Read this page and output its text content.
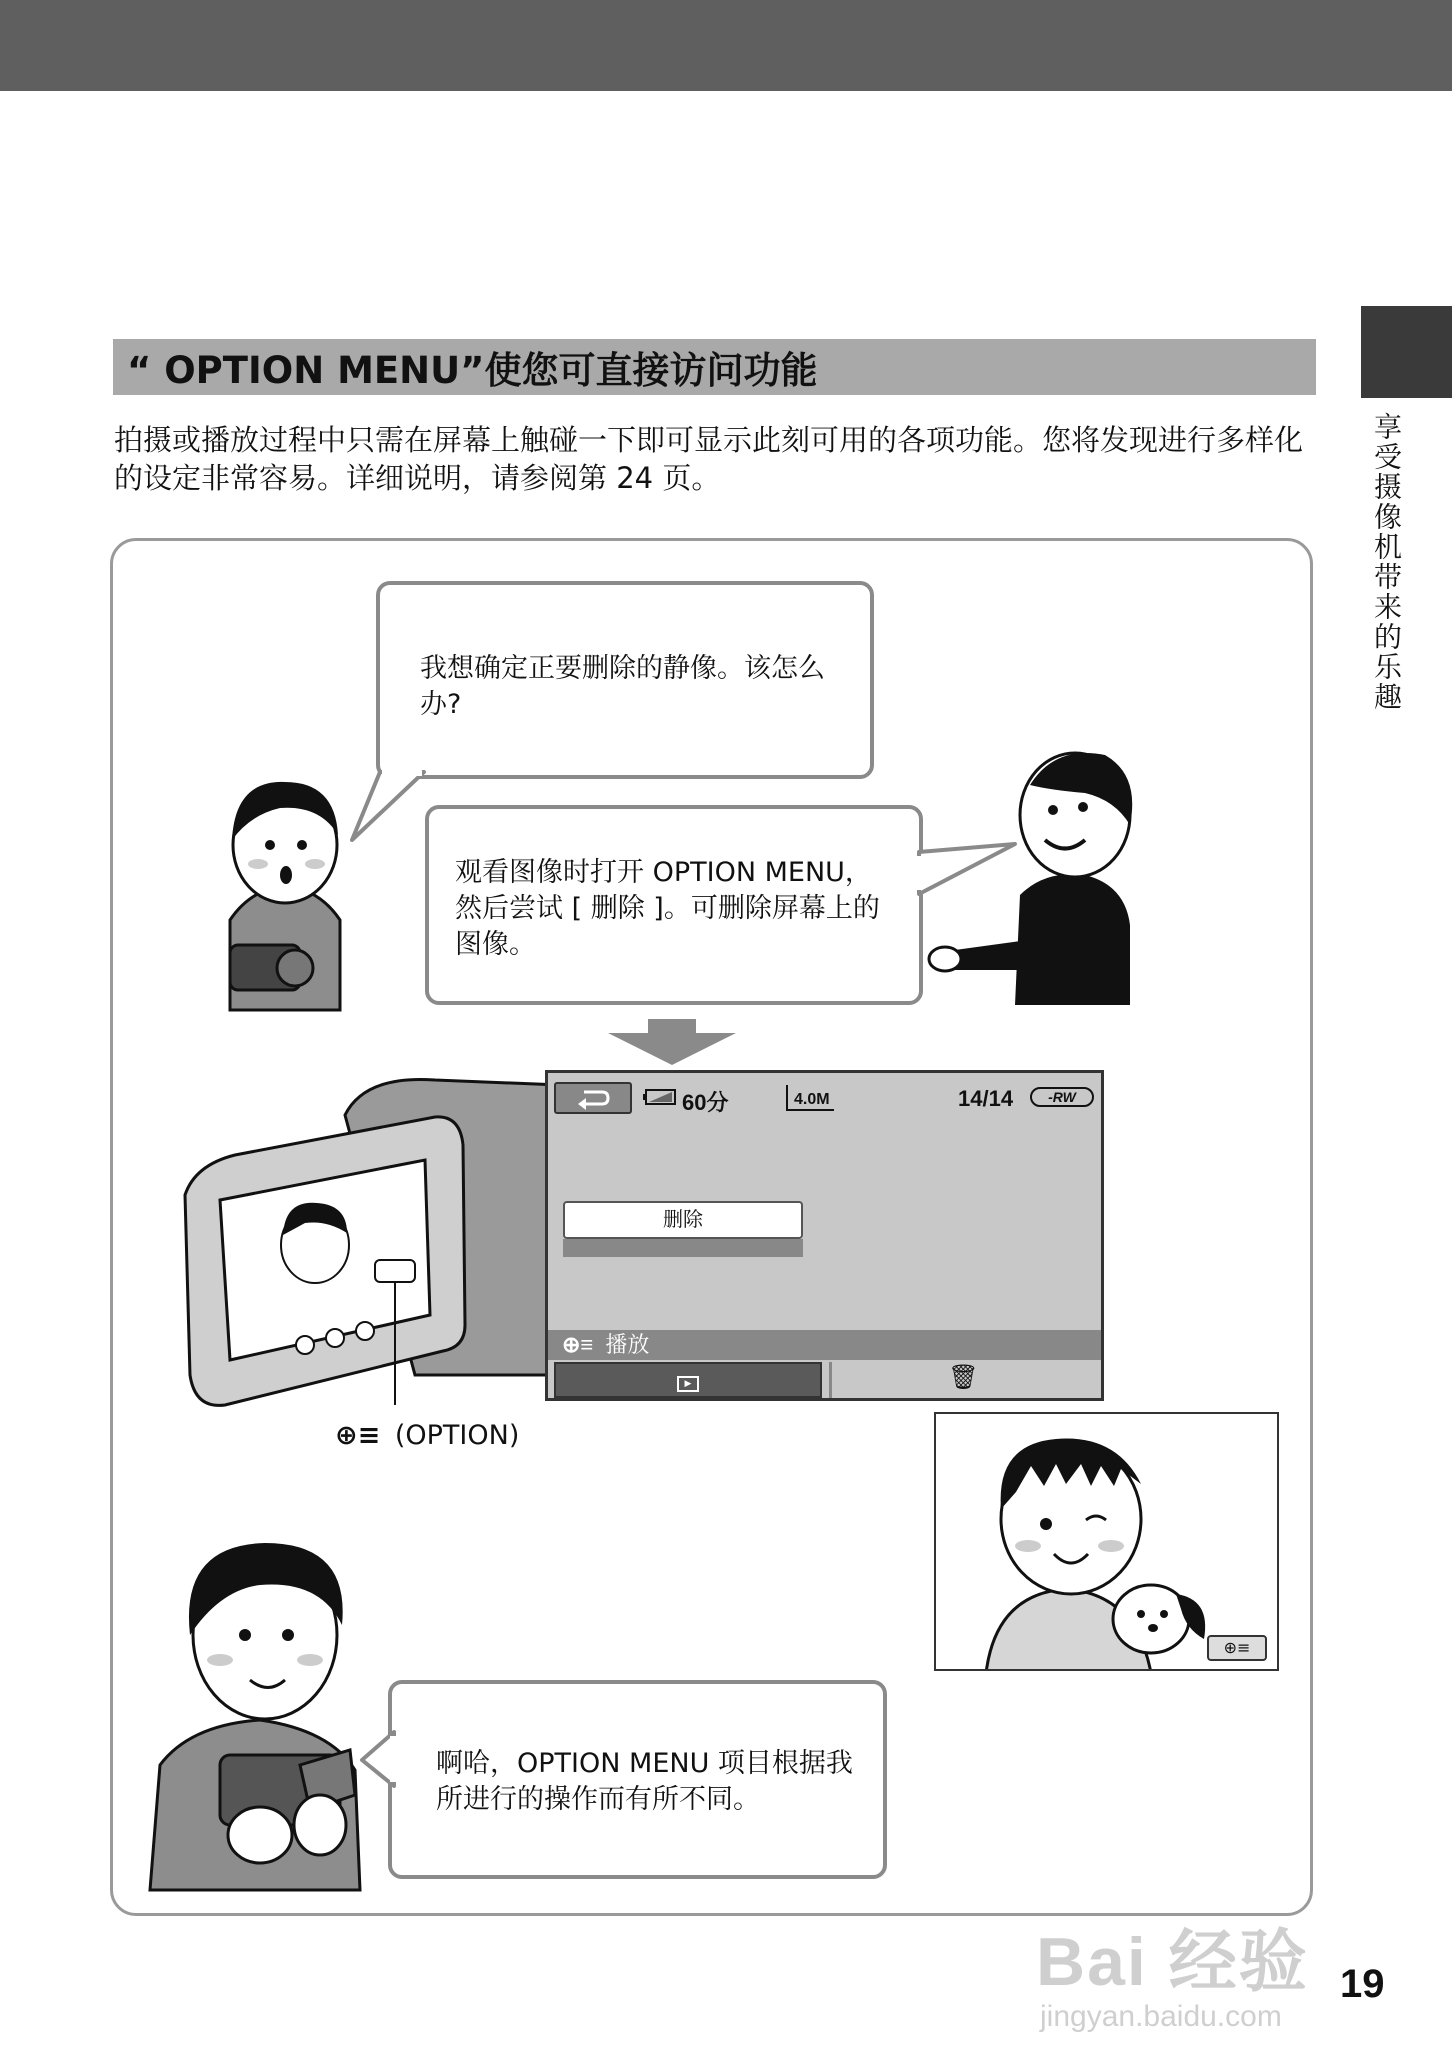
享受摄像机带来的乐趣
“ OPTION MENU”使您可直接访问功能
拍摄或播放过程中只需在屏幕上触碰一下即可显示此刻可用的各项功能。您将发现进行多样化的设定非常容易。详细说明，请参阅第 24 页。
我想确定正要删除的静像。该怎么办?
观看图像时打开 OPTION MENU，然后尝试 [ 删除 ]。可删除屏幕上的图像。
60分	4.0M	14/14	-RW
删除
⊕≡ 播放
▶	🗑
⊕≡ (OPTION)
⊕≡
啊哈，OPTION MENU 项目根据我所进行的操作而有所不同。
Bai 经验
jingyan.baidu.com
19
